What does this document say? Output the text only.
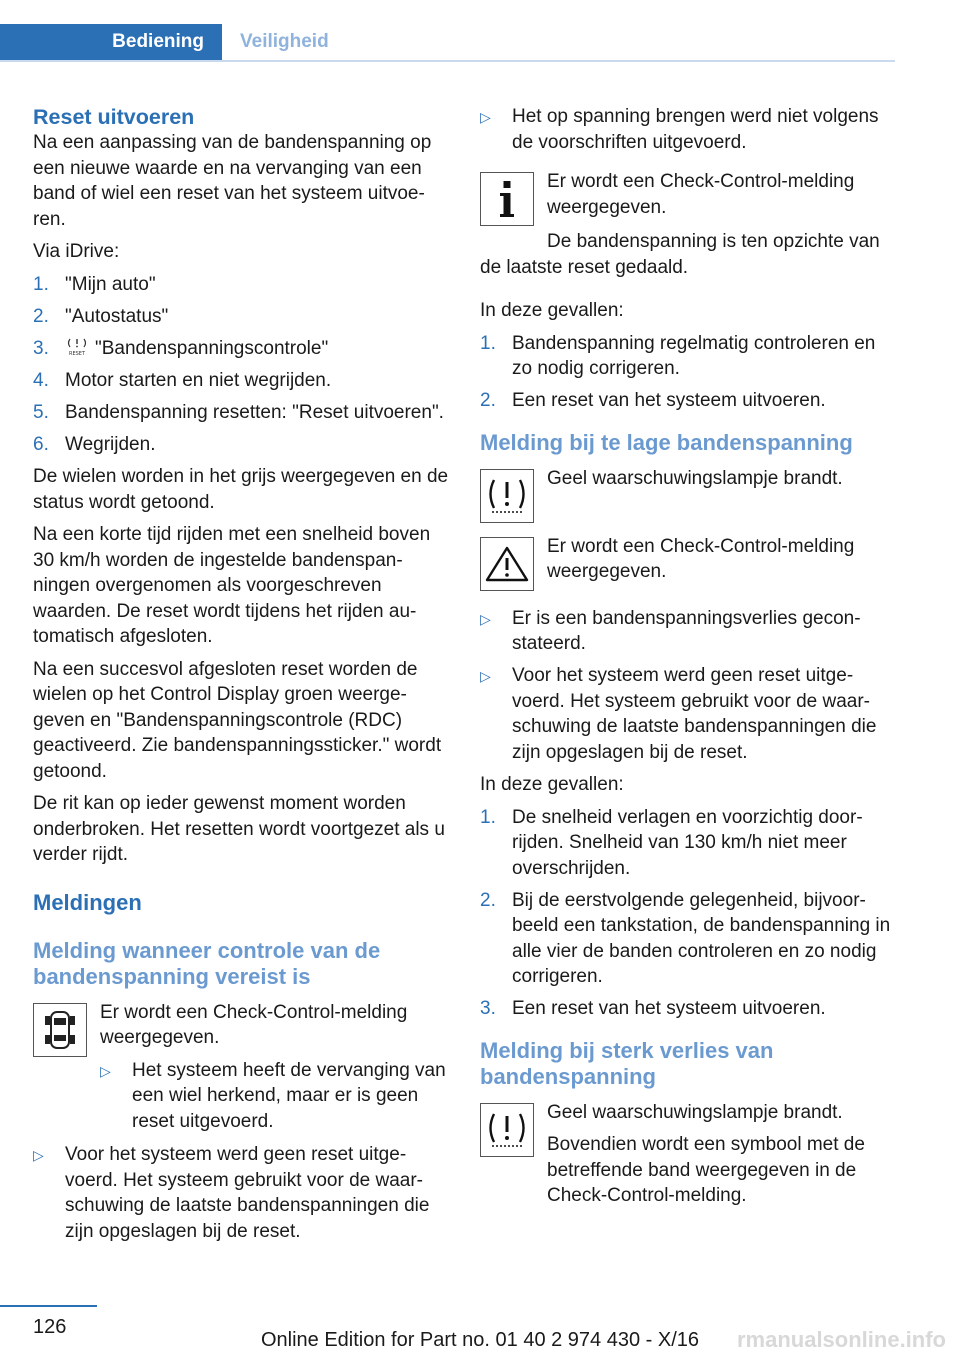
Bediening	Veiligheid
Reset uitvoeren

Na een aanpassing van de bandenspanning op een nieuwe waarde en na vervanging van een band of wiel een reset van het systeem uitvoeren.

Via iDrive:

1. "Mijn auto"
2. "Autostatus"
3.	RESET "Bandenspanningscontrole"
4. Motor starten en niet wegrijden.
5. Bandenspanning resetten: "Reset uitvoeren".
6. Wegrijden.

De wielen worden in het grijs weergegeven en de status wordt getoond.

Na een korte tijd rijden met een snelheid boven 30 km/h worden de ingestelde bandenspanningen overgenomen als voorgeschreven waarden. De reset wordt tijdens het rijden automatisch afgesloten.

Na een succesvol afgesloten reset worden de wielen op het Control Display groen weergegeven en "Bandenspanningscontrole (RDC) geactiveerd. Zie bandenspanningssticker." wordt getoond.

De rit kan op ieder gewenst moment worden onderbroken. Het resetten wordt voortgezet als u verder rijdt.

Meldingen
Melding wanneer controle van de bandenspanning vereist is

Er wordt een Check-Control-melding weergegeven.

▷	Het systeem heeft de vervanging van een wiel herkend, maar er is geen reset uitgevoerd.
▷	Voor het systeem werd geen reset uitgevoerd. Het systeem gebruikt voor de waarschuwing de laatste bandenspanningen die zijn opgeslagen bij de reset.
▷	Het op spanning brengen werd niet volgens de voorschriften uitgevoerd.

Er wordt een Check-Control-melding weergegeven.

De bandenspanning is ten opzichte van de laatste reset gedaald.

In deze gevallen:

1. Bandenspanning regelmatig controleren en zo nodig corrigeren.
2. Een reset van het systeem uitvoeren.
Melding bij te lage bandenspanning

Geel waarschuwingslampje brandt.

Er wordt een Check-Control-melding weergegeven.

▷	Er is een bandenspanningsverlies geconstateerd.
▷	Voor het systeem werd geen reset uitgevoerd. Het systeem gebruikt voor de waarschuwing de laatste bandenspanningen die zijn opgeslagen bij de reset.

In deze gevallen:

1. De snelheid verlagen en voorzichtig doorrijden. Snelheid van 130 km/h niet meer overschrijden.
2. Bij de eerstvolgende gelegenheid, bijvoorbeeld een tankstation, de bandenspanning in alle vier de banden controleren en zo nodig corrigeren.
3. Een reset van het systeem uitvoeren.
Melding bij sterk verlies van bandenspanning

Geel waarschuwingslampje brandt.

Bovendien wordt een symbool met de betreffende band weergegeven in de Check-Control-melding.

126
Online Edition for Part no. 01 40 2 974 430 - X/16	rmanualsonline.info
